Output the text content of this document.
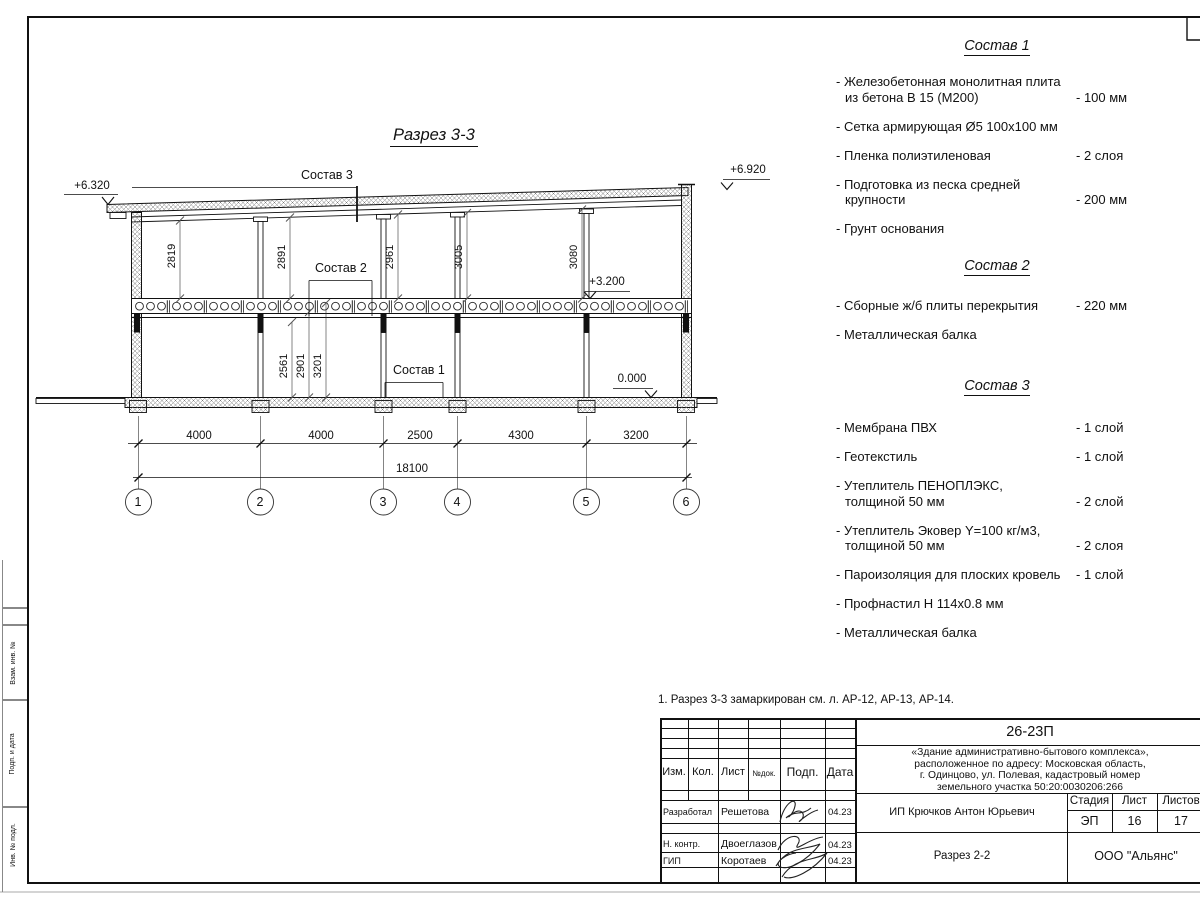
Разрез 3-3
+6.320
+6.920
+3.200
0.000
Состав 3
Состав 2
Состав 1
2819	2891	2961	3005	3080
2561 2901 3201
4000	4000	2500	4300	3200
18100
1	2	3	4	5	6
1. Разрез 3-3 замаркирован см. л. АР-12, АР-13, АР-14.
Состав 1
- Железобетонная монолитная плита
из бетона В 15 (М200)	- 100 мм
- Сетка армирующая Ø5 100х100 мм
- Пленка полиэтиленовая	- 2 слоя
- Подготовка из песка средней
крупности	- 200 мм
- Грунт основания
Состав 2
- Сборные ж/б плиты перекрытия	- 220 мм
- Металлическая балка
Состав 3
- Мембрана ПВХ	- 1 слой
- Геотекстиль	- 1 слой
- Утеплитель ПЕНОПЛЭКС,
толщиной 50 мм	- 2 слой
- Утеплитель Эковер Y=100 кг/м3,
толщиной 50 мм	- 2 слоя
- Пароизоляция для плоских кровель	- 1 слой
- Профнастил Н 114х0.8 мм
- Металлическая балка
Изм. Кол. Лист №док. Подп. Дата
Разработал Решетова	04.23
Н. контр. Двоеглазов	04.23
ГИП	Коротаев	04.23
26-23П
«Здание административно-бытового комплекса»,
расположенное по адресу: Московская область,
г. Одинцово, ул. Полевая, кадастровый номер
земельного участка 50:20:0030206:266
ИП Крючков Антон Юрьевич
Стадия	Лист	Листов
ЭП	16	17
Разрез 2-2	ООО "Альянс"
Взам. инв. №
Подп. и дата
Инв. № подл.
